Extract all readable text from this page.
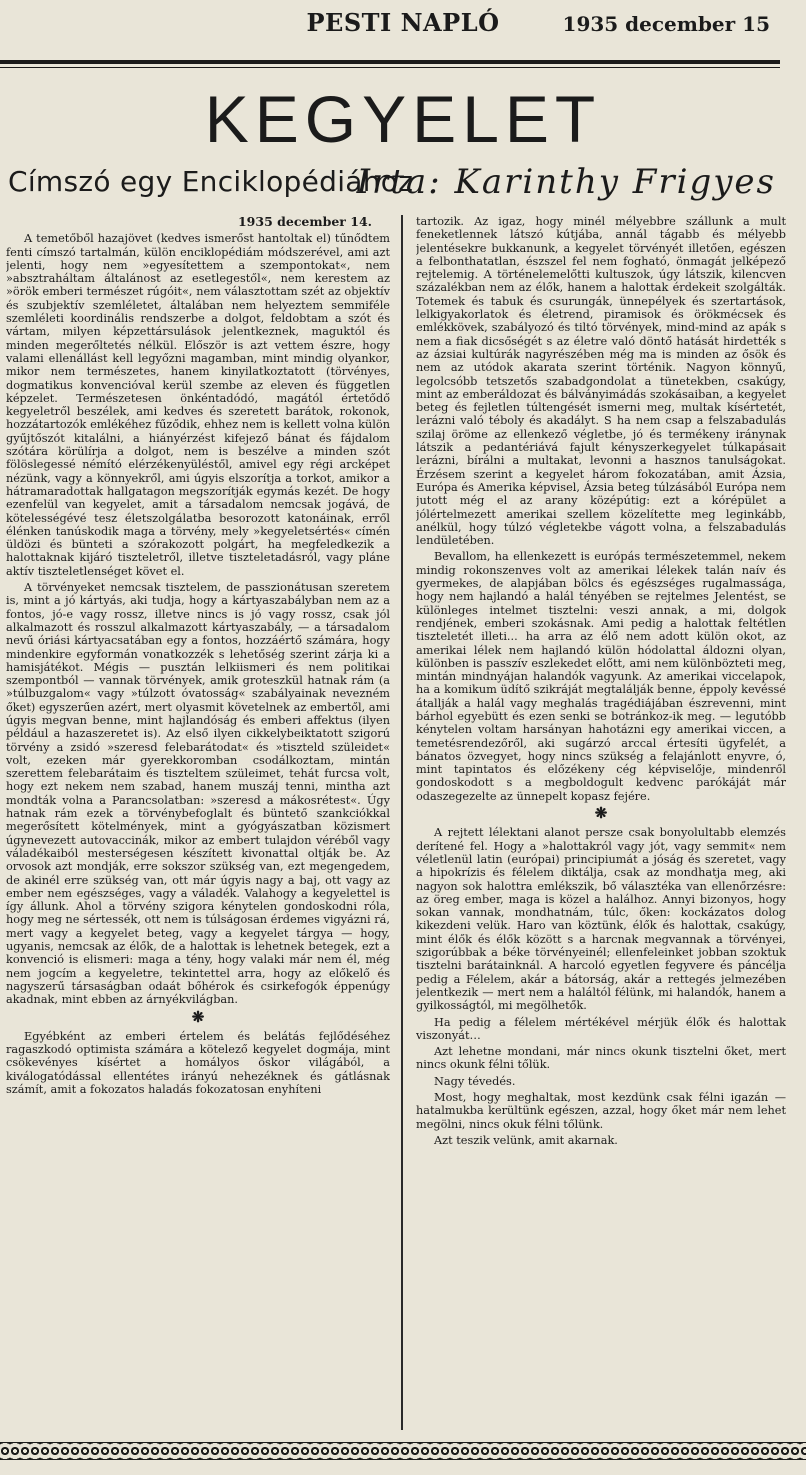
PESTI NAPLÓ	1935 december 15
KEGYELET
Címszó egy Enciklopédiához
Irta: Karinthy Frigyes
1935 december 14.

A temetőből hazajövet (kedves ismerőst hantoltak el) tűnődtem fenti címszó tartalmán, külön enciklopédiám módszerével, ami azt jelenti, hogy nem »egyesítettem a szempontokat«, nem »absztraháltam általánost az esetlegestől«, nem kerestem az »örök emberi természet rúgóit«, nem választottam szét az objektív és szubjektív szemléletet, általában nem helyeztem semmiféle szemléleti koordinális rendszerbe a dolgot, feldobtam a szót és vártam, milyen képzettársulások jelentkeznek, maguktól és minden megerőltetés nélkül. Először is azt vettem észre, hogy valami ellenállást kell legyőzni magamban, mint mindig olyankor, mikor nem természetes, hanem kinyilatkoztatott (törvényes, dogmatikus konvencióval kerül szembe az eleven és független képzelet. Természetesen önkéntadódó, magától értetődő kegyeletről beszélek, ami kedves és szeretett barátok, rokonok, hozzátartozók emlékéhez fűződik, ehhez nem is kellett volna külön gyűjtőszót kitalálni, a hiányérzést kifejező bánat és fájdalom szótára körülírja a dolgot, nem is beszélve a minden szót fölöslegessé némító elérzékenyüléstől, amivel egy régi arcképet nézünk, vagy a könnyekről, ami úgyis elszorítja a torkot, amikor a hátramaradottak hallgatagon megszorítják egymás kezét. De hogy ezenfelül van kegyelet, amit a társadalom nemcsak jogává, de kötelességévé tesz életszolgálatba besorozott katonáinak, erről élénken tanúskodik maga a törvény, mely »kegyeletsértés« címén üldözi és bünteti a szórakozott polgárt, ha megfeledkezik a halottaknak kijáró tiszteletről, illetve tiszteletadásról, vagy pláne aktív tiszteletlenséget követ el.

A törvényeket nemcsak tisztelem, de passzionátusan szeretem is, mint a jó kártyás, aki tudja, hogy a kártyaszabályban nem az a fontos, jó-e vagy rossz, illetve nincs is jó vagy rossz, csak jól alkalmazott és rosszul alkalmazott kártyaszabály, — a társadalom nevű óriási kártyacsatában egy a fontos, hozzáértő számára, hogy mindenkire egyformán vonatkozzék s lehetőség szerint zárja ki a hamisjátékot. Mégis — pusztán lelkiismeri és nem politikai szempontból — vannak törvények, amik groteszkül hatnak rám (a »túlbuzgalom« vagy »túlzott óvatosság« szabályainak nevezném őket) egyszerűen azért, mert olyasmit követelnek az embertől, ami úgyis megvan benne, mint hajlandóság és emberi affektus (ilyen például a hazaszeretet is). Az első ilyen cikkelybeiktatott szigorú törvény a zsidó »szeresd felebarátodat« és »tiszteld szüleidet« volt, ezeken már gyerekkoromban csodálkoztam, mintán szerettem felebarátaim és tiszteltem szüleimet, tehát furcsa volt, hogy ezt nekem nem szabad, hanem muszáj tenni, mintha azt mondták volna a Parancsolatban: »szeresd a mákosrétest«. Úgy hatnak rám ezek a törvénybefoglalt és büntető szankciókkal megerősített kötelmények, mint a gyógyászatban közismert úgynevezett autovaccinák, mikor az embert tulajdon véréből vagy váladékaiból mesterségesen készített kivonattal oltják be. Az orvosok azt mondják, erre sokszor szükség van, ezt megengedem, de akinél erre szükség van, ott már úgyis nagy a baj, ott vagy az ember nem egészséges, vagy a váladék. Valahogy a kegyelettel is így állunk. Ahol a törvény szigora kénytelen gondoskodni róla, hogy meg ne sértessék, ott nem is túlságosan érdemes vigyázni rá, mert vagy a kegyelet beteg, vagy a kegyelet tárgya — hogy, ugyanis, nemcsak az élők, de a halottak is lehetnek betegek, ezt a konvenció is elismeri: maga a tény, hogy valaki már nem él, még nem jogcím a kegyeletre, tekintettel arra, hogy az előkelő és nagyszerű társaságban odaát bőhérok és csirkefogók éppenúgy akadnak, mint ebben az árnyékvilágban.

❋

Egyébként az emberi értelem és belátás fejlődéséhez ragaszkodó optimista számára a kötelező kegyelet dogmája, mint csökevényes kísértet a homályos őskor világából, a kiválogatódással ellentétes irányú nehezéknek és gátlásnak számít, amit a fokozatos haladás fokozatosan enyhíteni

tartozik. Az igaz, hogy minél mélyebbre szállunk a mult feneketlennek látszó kútjába, annál tágabb és mélyebb jelentésekre bukkanunk, a kegyelet törvényét illetően, egészen a felbonthatatlan, észszel fel nem fogható, önmagát jelképező rejtelemig. A történelemelőtti kultuszok, úgy látszik, kilencven százalékban nem az élők, hanem a halottak érdekeit szolgálták. Totemek és tabuk és csurungák, ünnepélyek és szertartások, lelkigyakorlatok és életrend, piramisok és örökmécsek és emlékkövek, szabályozó és tiltó törvények, mind-mind az apák s nem a fiak dicsőségét s az életre való döntő hatását hirdették s az ázsiai kultúrák nagyrészében még ma is minden az ősök és nem az utódok akarata szerint történik. Nagyon könnyű, legolcsóbb tetszetős szabadgondolat a tünetekben, csakúgy, mint az emberáldozat és bálványimádás szokásaiban, a kegyelet beteg és fejletlen túltengését ismerni meg, multak kísértetét, lerázni való téboly és akadályt. S ha nem csap a felszabadulás szilaj öröme az ellenkező végletbe, jó és termékeny iránynak látszik a pedantériává fajult kényszerkegyelet túlkapásait lerázni, bírálni a multakat, levonni a hasznos tanulságokat. Érzésem szerint a kegyelet három fokozatában, amit Ázsia, Európa és Amerika képvisel, Ázsia beteg túlzásából Európa nem jutott még el az arany középútig: ezt a kórépület a jólértelmezett amerikai szellem közelítette meg leginkább, anélkül, hogy túlzó végletekbe vágott volna, a felszabadulás lendületében.

Bevallom, ha ellenkezett is európás természetemmel, nekem mindig rokonszenves volt az amerikai lélekek talán naív és gyermekes, de alapjában bölcs és egészséges rugalmassága, hogy nem hajlandó a halál tényében se rejtelmes Jelentést, se különleges intelmet tisztelni: veszi annak, a mi, dolgok rendjének, emberi szokásnak. Ami pedig a halottak feltétlen tiszteletét illeti... ha arra az élő nem adott külön okot, az amerikai lélek nem hajlandó külön hódolattal áldozni olyan, különben is passzív eszlekedet előtt, ami nem különbözteti meg, mintán mindnyájan halandók vagyunk. Az amerikai viccelapok, ha a komikum üdítő szikráját megtalálják benne, éppoly kevéssé átallják a halál vagy meghalás tragédiájában észrevenni, mint bárhol egyebütt és ezen senki se botránkoz-ik meg. — legutóbb kénytelen voltam harsányan hahotázni egy amerikai viccen, a temetésrendezőről, aki sugárzó arccal értesíti ügyfelét, a bánatos özvegyet, hogy nincs szükség a felajánlott enyvre, ó, mint tapintatos és előzékeny cég képviselője, mindenről gondoskodott s a megboldogult kedvenc parókáját már odaszegezelte az ünnepelt kopasz fejére.

❋

A rejtett lélektani alanot persze csak bonyolultabb elemzés derítené fel. Hogy a »halottakról vagy jót, vagy semmit« nem véletlenül latin (európai) principiumát a jóság és szeretet, vagy a hipokrízis és félelem diktálja, csak az mondhatja meg, aki nagyon sok halottra emlékszik, bő választéka van ellenőrzésre: az öreg ember, maga is közel a halálhoz. Annyi bizonyos, hogy sokan vannak, mondhatnám, túlc, őken: kockázatos dolog kikezdeni velük. Haro van köztünk, élők és halottak, csakúgy, mint élők és élők között s a harcnak megvannak a törvényei, szigorúbbak a béke törvényeinél; ellenfeleinket jobban szoktuk tisztelni barátainknál. A harcoló egyetlen fegyvere és páncélja pedig a Félelem, akár a bátorság, akár a rettegés jelmezében jelentkezik — mert nem a haláltól félünk, mi halandók, hanem a gyilkosságtól, mi megölhetők.

Ha pedig a félelem mértékével mérjük élők és halottak viszonyát…

Azt lehetne mondani, már nincs okunk tisztelni őket, mert nincs okunk félni tőlük.

Nagy tévedés.

Most, hogy meghaltak, most kezdünk csak félni igazán — hatalmukba kerültünk egészen, azzal, hogy őket már nem lehet megölni, nincs okuk félni tőlünk.

Azt teszik velünk, amit akarnak.
